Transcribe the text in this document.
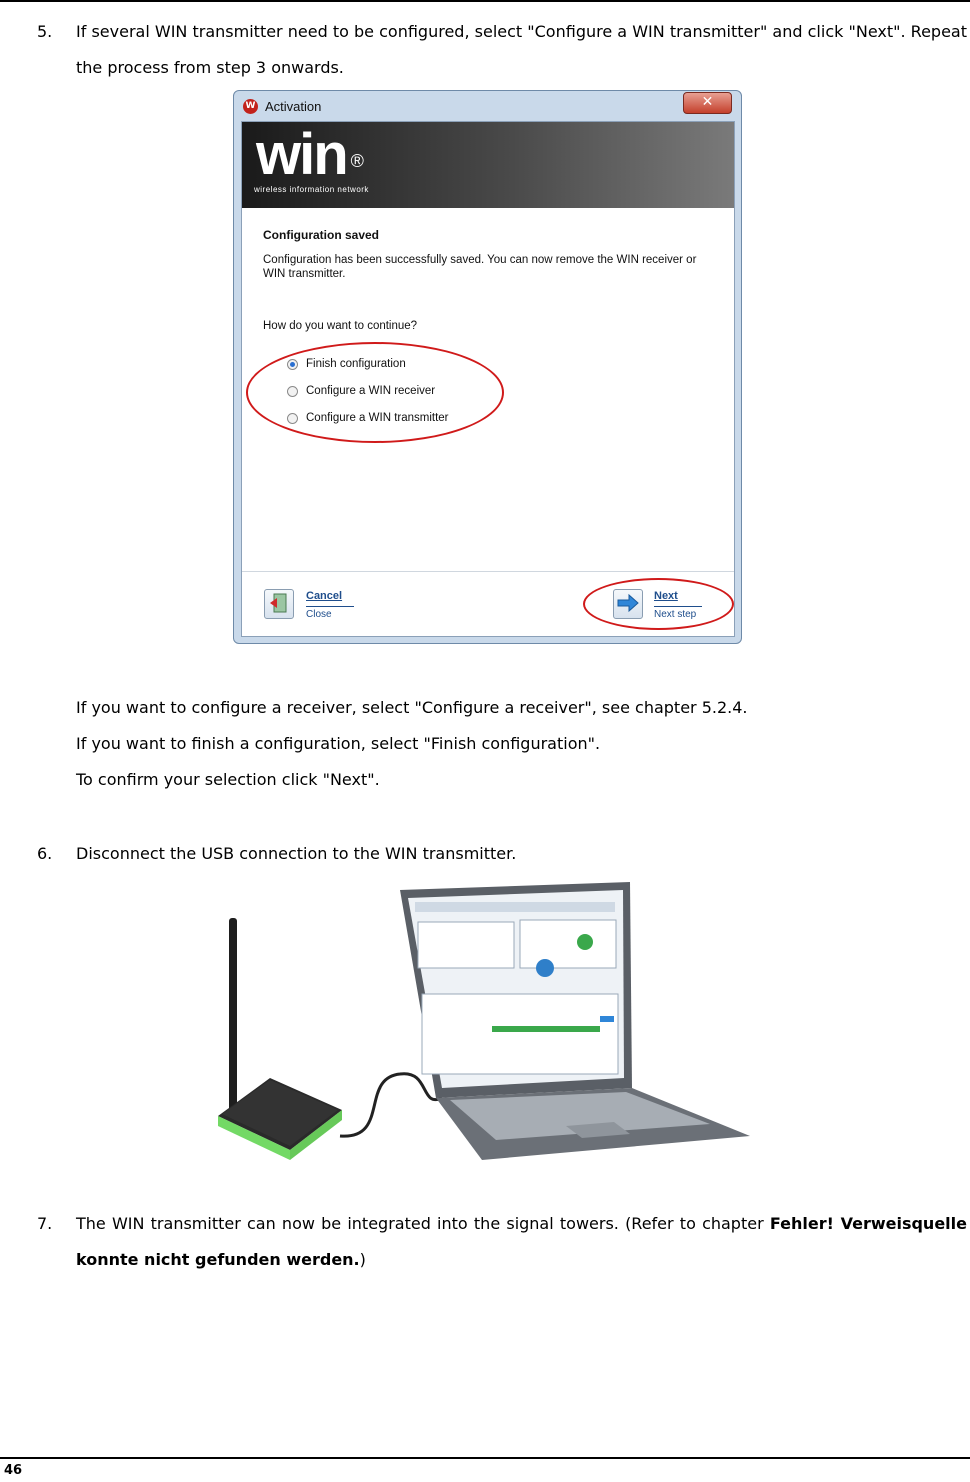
5. If several WIN transmitter need to be configured, select "Configure a WIN transmitter" and click "Next". Repeat the process from step 3 onwards.
W Activation	✕
win ®
wireless information network
Configuration saved
Configuration has been successfully saved. You can now remove the WIN receiver or WIN transmitter.
How do you want to continue?
Finish configuration
Configure a WIN receiver
Configure a WIN transmitter
Cancel
Close
Next
Next step
If you want to configure a receiver, select "Configure a receiver", see chapter 5.2.4.
If you want to finish a configuration, select "Finish configuration".
To confirm your selection click "Next".
6. Disconnect the USB connection to the WIN transmitter.
7. The WIN transmitter can now be integrated into the signal towers. (Refer to chapter Fehler! Verweisquelle konnte nicht gefunden werden.)
46
